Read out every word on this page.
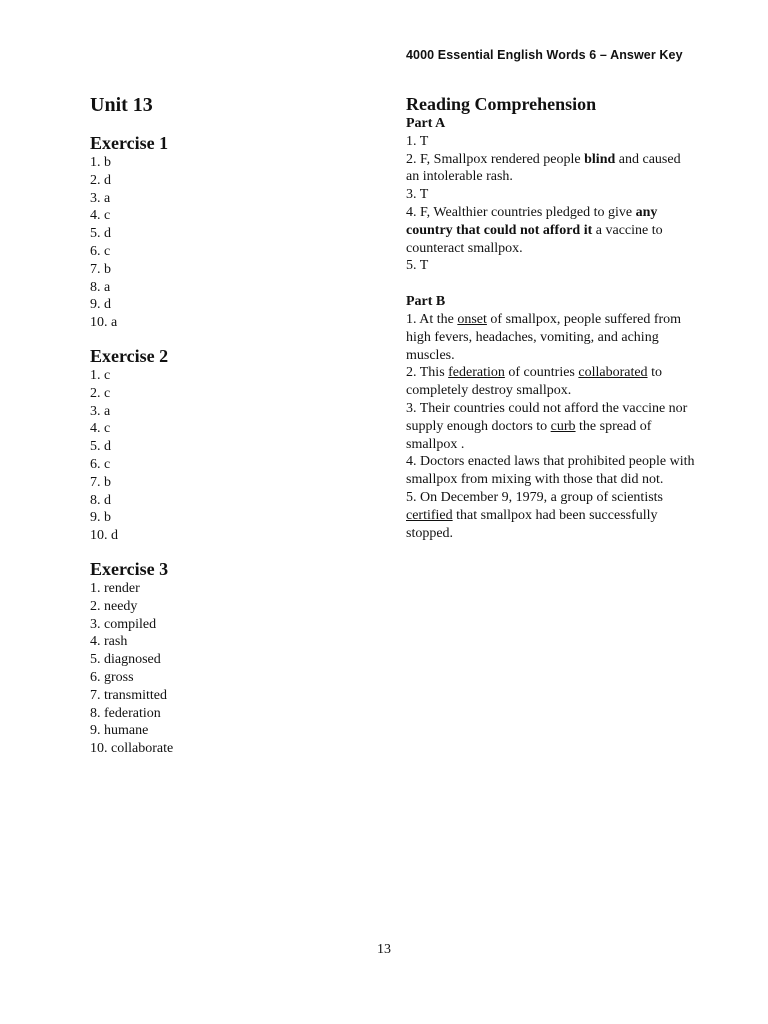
4000 Essential English Words 6 – Answer Key
Unit 13
Exercise 1
1. b
2. d
3. a
4. c
5. d
6. c
7. b
8. a
9. d
10. a
Exercise 2
1. c
2. c
3. a
4. c
5. d
6. c
7. b
8. d
9. b
10. d
Exercise 3
1. render
2. needy
3. compiled
4. rash
5. diagnosed
6. gross
7. transmitted
8. federation
9. humane
10. collaborate
Reading Comprehension
Part A
1. T
2. F, Smallpox rendered people blind and caused an intolerable rash.
3. T
4. F, Wealthier countries pledged to give any country that could not afford it a vaccine to counteract smallpox.
5. T
Part B
1. At the onset of smallpox, people suffered from high fevers, headaches, vomiting, and aching muscles.
2. This federation of countries collaborated to completely destroy smallpox.
3. Their countries could not afford the vaccine nor supply enough doctors to curb the spread of smallpox .
4. Doctors enacted laws that prohibited people with smallpox from mixing with those that did not.
5. On December 9, 1979, a group of scientists certified that smallpox had been successfully stopped.
13
